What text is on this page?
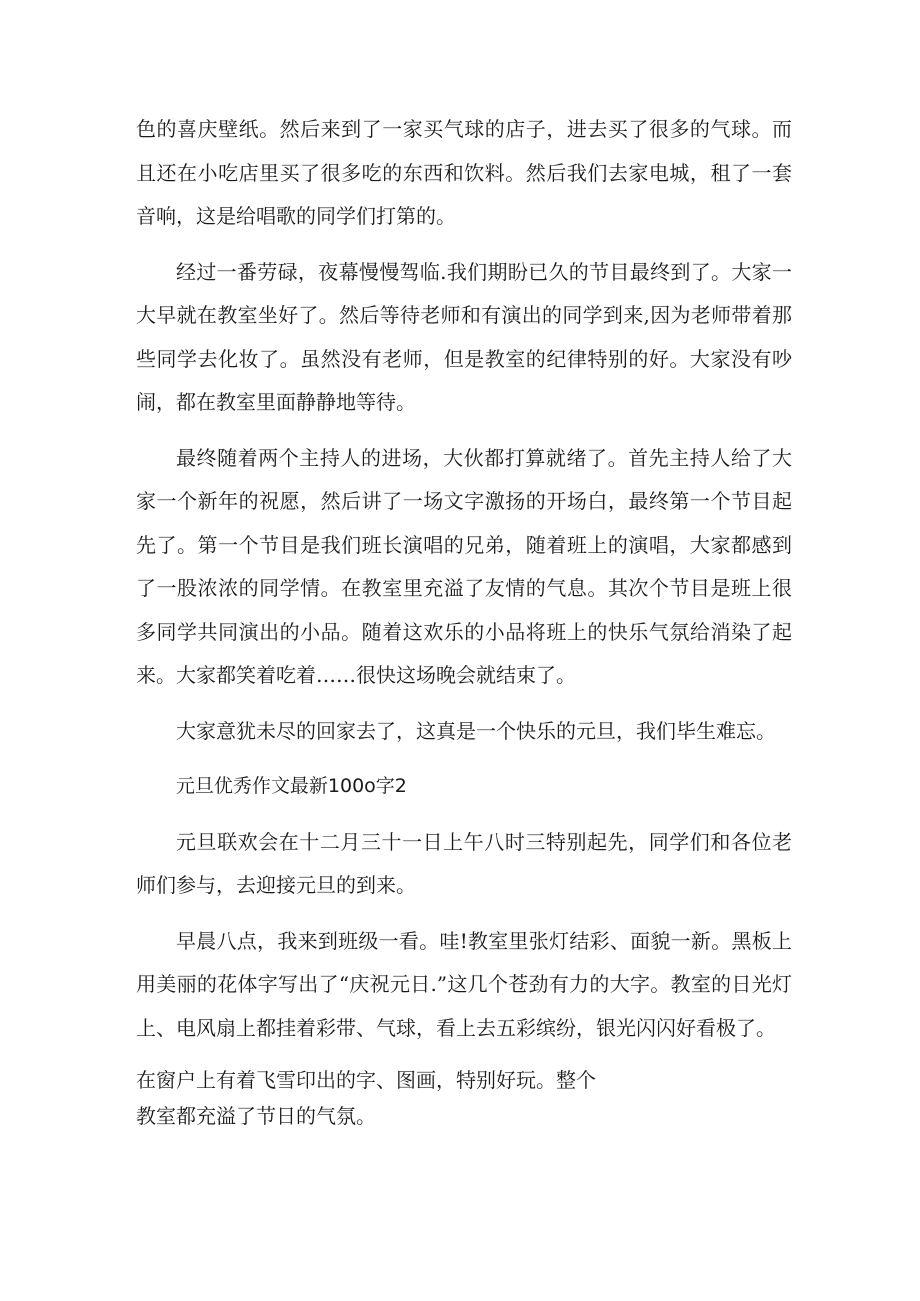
色的喜庆壁纸。然后来到了一家买气球的店子，进去买了很多的气球。而且还在小吃店里买了很多吃的东西和饮料。然后我们去家电城，租了一套音响，这是给唱歌的同学们打第的。

经过一番劳碌，夜幕慢慢驾临.我们期盼已久的节目最终到了。大家一大早就在教室坐好了。然后等待老师和有演出的同学到来,因为老师带着那些同学去化妆了。虽然没有老师，但是教室的纪律特别的好。大家没有吵闹，都在教室里面静静地等待。

最终随着两个主持人的进场，大伙都打算就绪了。首先主持人给了大家一个新年的祝愿，然后讲了一场文字激扬的开场白，最终第一个节目起先了。第一个节目是我们班长演唱的兄弟，随着班上的演唱，大家都感到了一股浓浓的同学情。在教室里充溢了友情的气息。其次个节目是班上很多同学共同演出的小品。随着这欢乐的小品将班上的快乐气氛给消染了起来。大家都笑着吃着……很快这场晚会就结束了。

大家意犹未尽的回家去了，这真是一个快乐的元旦，我们毕生难忘。

元旦优秀作文最新100o字2

元旦联欢会在十二月三十一日上午八时三特别起先，同学们和各位老师们参与，去迎接元旦的到来。

早晨八点，我来到班级一看。哇!教室里张灯结彩、面貌一新。黑板上用美丽的花体字写出了“庆祝元日.”这几个苍劲有力的大字。教室的日光灯上、电风扇上都挂着彩带、气球，看上去五彩缤纷，银光闪闪好看极了。

在窗户上有着飞雪印出的字、图画，特别好玩。整个

教室都充溢了节日的气氛。
